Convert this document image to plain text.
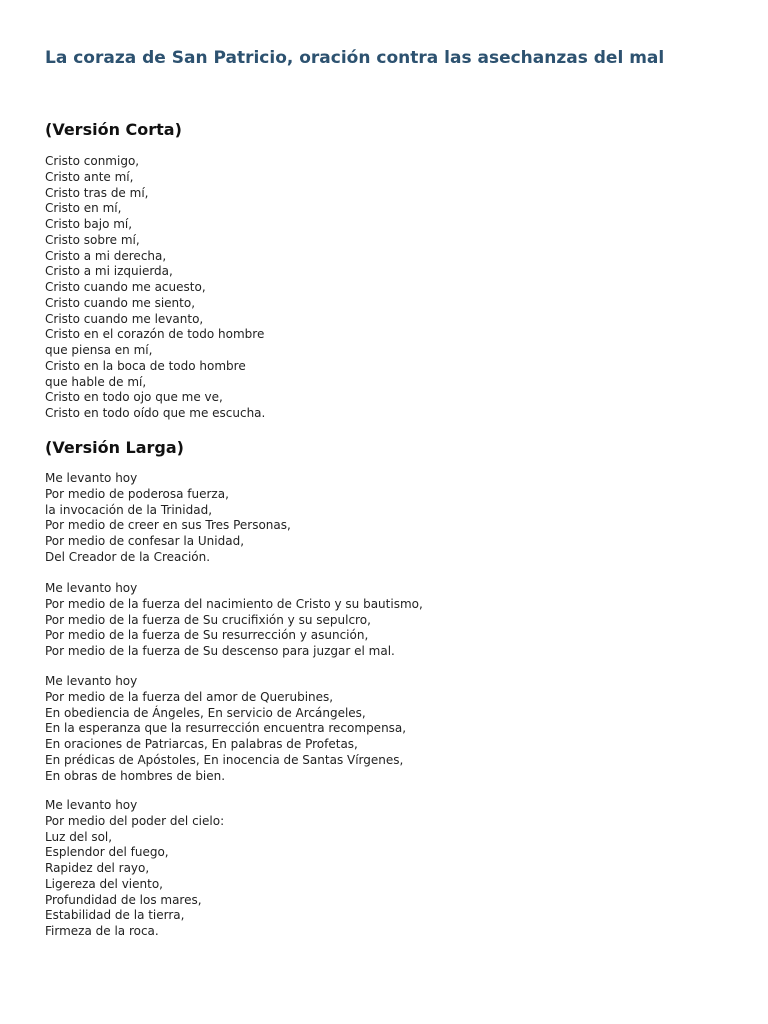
La coraza de San Patricio, oración contra las asechanzas del mal
(Versión Corta)
Cristo conmigo,
Cristo ante mí,
Cristo tras de mí,
Cristo en mí,
Cristo bajo mí,
Cristo sobre mí,
Cristo a mi derecha,
Cristo a mi izquierda,
Cristo cuando me acuesto,
Cristo cuando me siento,
Cristo cuando me levanto,
Cristo en el corazón de todo hombre
que piensa en mí,
Cristo en la boca de todo hombre
que hable de mí,
Cristo en todo ojo que me ve,
Cristo en todo oído que me escucha.
(Versión Larga)
Me levanto hoy
Por medio de poderosa fuerza,
la invocación de la Trinidad,
Por medio de creer en sus Tres Personas,
Por medio de confesar la Unidad,
Del Creador de la Creación.
Me levanto hoy
Por medio de la fuerza del nacimiento de Cristo y su bautismo,
Por medio de la fuerza de Su crucifixión y su sepulcro,
Por medio de la fuerza de Su resurrección y asunción,
Por medio de la fuerza de Su descenso para juzgar el mal.
Me levanto hoy
Por medio de la fuerza del amor de Querubines,
En obediencia de Ángeles, En servicio de Arcángeles,
En la esperanza que la resurrección encuentra recompensa,
En oraciones de Patriarcas, En palabras de Profetas,
En prédicas de Apóstoles, En inocencia de Santas Vírgenes,
En obras de hombres de bien.
Me levanto hoy
Por medio del poder del cielo:
Luz del sol,
Esplendor del fuego,
Rapidez del rayo,
Ligereza del viento,
Profundidad de los mares,
Estabilidad de la tierra,
Firmeza de la roca.
